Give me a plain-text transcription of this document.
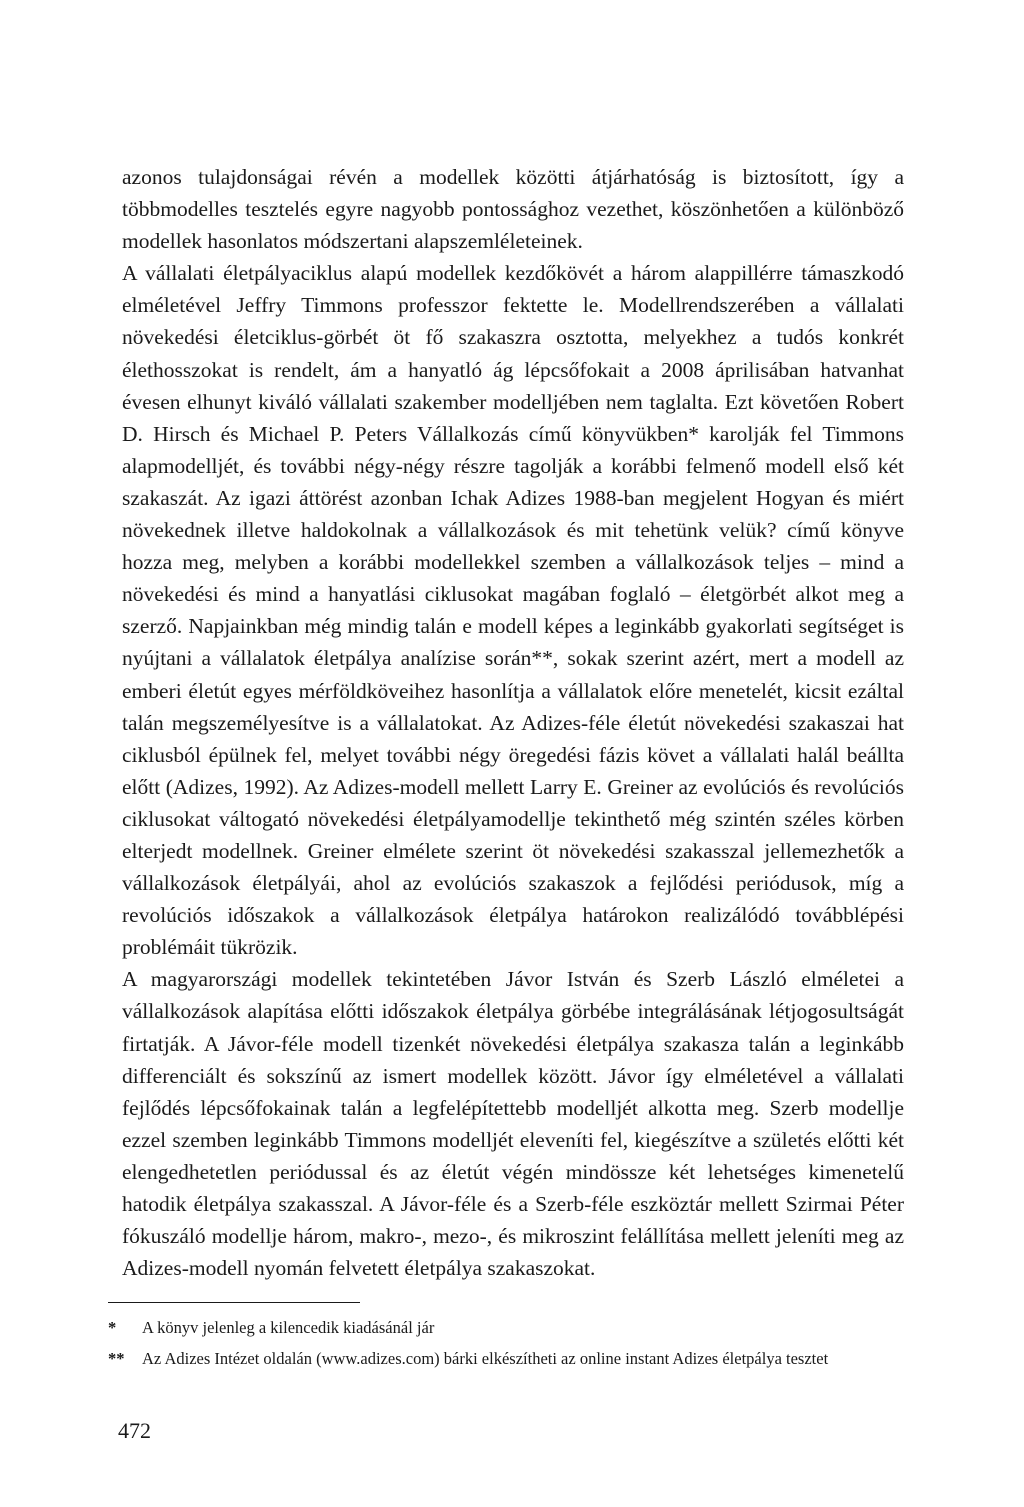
azonos tulajdonságai révén a modellek közötti átjárhatóság is biztosított, így a többmodelles tesztelés egyre nagyobb pontossághoz vezethet, köszönhetően a különböző modellek hasonlatos módszertani alapszemléleteinek.

A vállalati életpályaciklus alapú modellek kezdőkövét a három alappillérre támaszkodó elméletével Jeffry Timmons professzor fektette le. Modellrendszerében a vállalati növekedési életciklus-görbét öt fő szakaszra osztotta, melyekhez a tudós konkrét élethosszokat is rendelt, ám a hanyatló ág lépcsőfokait a 2008 áprilisában hatvanhat évesen elhunyt kiváló vállalati szakember modelljében nem taglalta. Ezt követően Robert D. Hirsch és Michael P. Peters Vállalkozás című könyvükben* karolják fel Timmons alapmodelljét, és további négy-négy részre tagolják a korábbi felmenő modell első két szakaszát. Az igazi áttörést azonban Ichak Adizes 1988-ban megjelent Hogyan és miért növekednek illetve haldokolnak a vállalkozások és mit tehetünk velük? című könyve hozza meg, melyben a korábbi modellekkel szemben a vállalkozások teljes – mind a növekedési és mind a hanyatlási ciklusokat magában foglaló – életgörbét alkot meg a szerző. Napjainkban még mindig talán e modell képes a leginkább gyakorlati segítséget is nyújtani a vállalatok életpálya analízise során**, sokak szerint azért, mert a modell az emberi életút egyes mérföldköveihez hasonlítja a vállalatok előre menetelét, kicsit ezáltal talán megszemélyesítve is a vállalatokat. Az Adizes-féle életút növekedési szakaszai hat ciklusból épülnek fel, melyet további négy öregedési fázis követ a vállalati halál beállta előtt (Adizes, 1992). Az Adizes-modell mellett Larry E. Greiner az evolúciós és revolúciós ciklusokat váltogató növekedési életpályamodellje tekinthető még szintén széles körben elterjedt modellnek. Greiner elmélete szerint öt növekedési szakasszal jellemezhetők a vállalkozások életpályái, ahol az evolúciós szakaszok a fejlődési periódusok, míg a revolúciós időszakok a vállalkozások életpálya határokon realizálódó továbblépési problémáit tükrözik.

A magyarországi modellek tekintetében Jávor István és Szerb László elméletei a vállalkozások alapítása előtti időszakok életpálya görbébe integrálásának létjogosultságát firtatják. A Jávor-féle modell tizenkét növekedési életpálya szakasza talán a leginkább differenciált és sokszínű az ismert modellek között. Jávor így elméletével a vállalati fejlődés lépcsőfokainak talán a legfelépítettebb modelljét alkotta meg. Szerb modellje ezzel szemben leginkább Timmons modelljét eleveníti fel, kiegészítve a születés előtti két elengedhetetlen periódussal és az életút végén mindössze két lehetséges kimenetelű hatodik életpálya szakasszal. A Jávor-féle és a Szerb-féle eszköztár mellett Szirmai Péter fókuszáló modellje három, makro-, mezo-, és mikroszint felállítása mellett jeleníti meg az Adizes-modell nyomán felvetett életpálya szakaszokat.

*	A könyv jelenleg a kilencedik kiadásánál jár
**	Az Adizes Intézet oldalán (www.adizes.com) bárki elkészítheti az online instant Adizes életpálya tesztet
472
